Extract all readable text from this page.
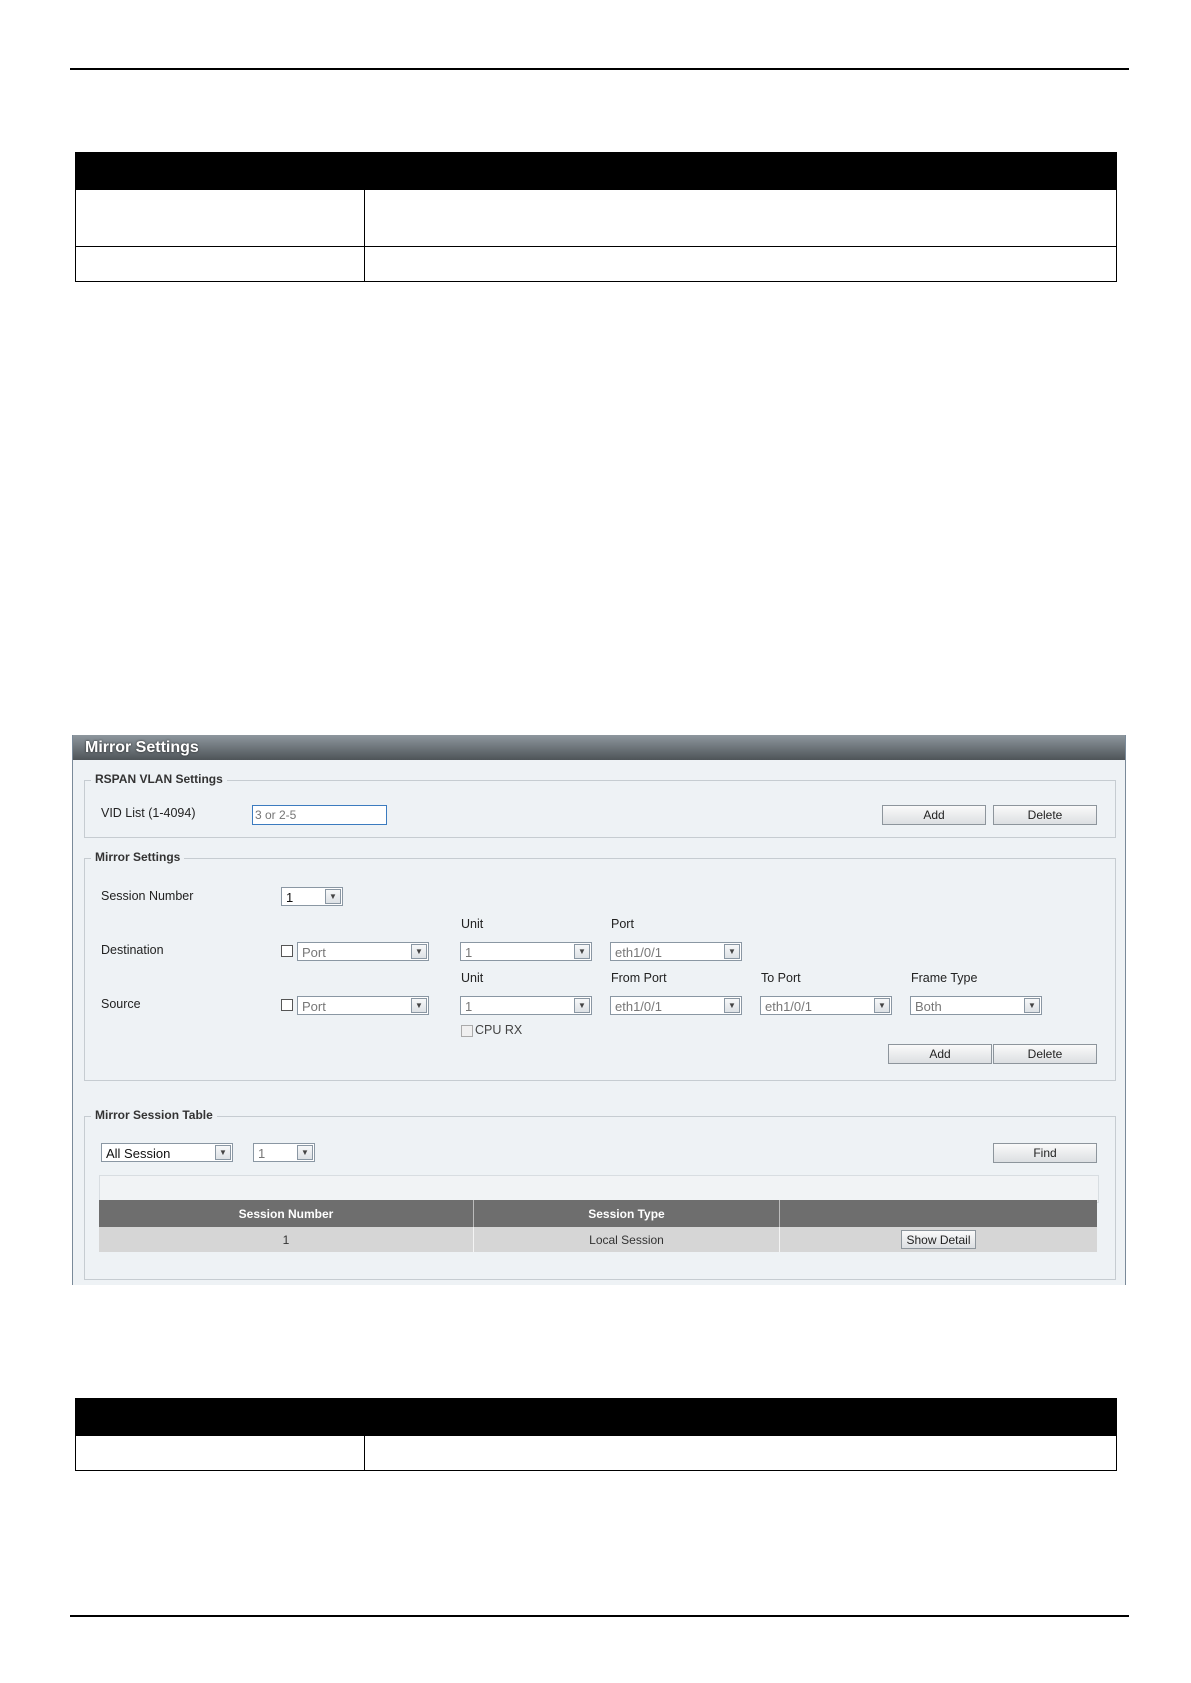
Mirror Settings
RSPAN VLAN Settings
VID List (1-4094)
3 or 2-5	Add	Delete
Mirror Settings
Session Number	1	▼
Unit	Port
Destination	Port	▼	1	▼	eth1/0/1	▼
Unit	From Port	To Port	Frame Type
Source	Port	▼	1	▼	eth1/0/1	▼	eth1/0/1	▼	Both	▼
CPU RX
Add	Delete
Mirror Session Table
All Session	▼	1	▼	Find
Session Number	Session Type	
1	Local Session	Show Detail
